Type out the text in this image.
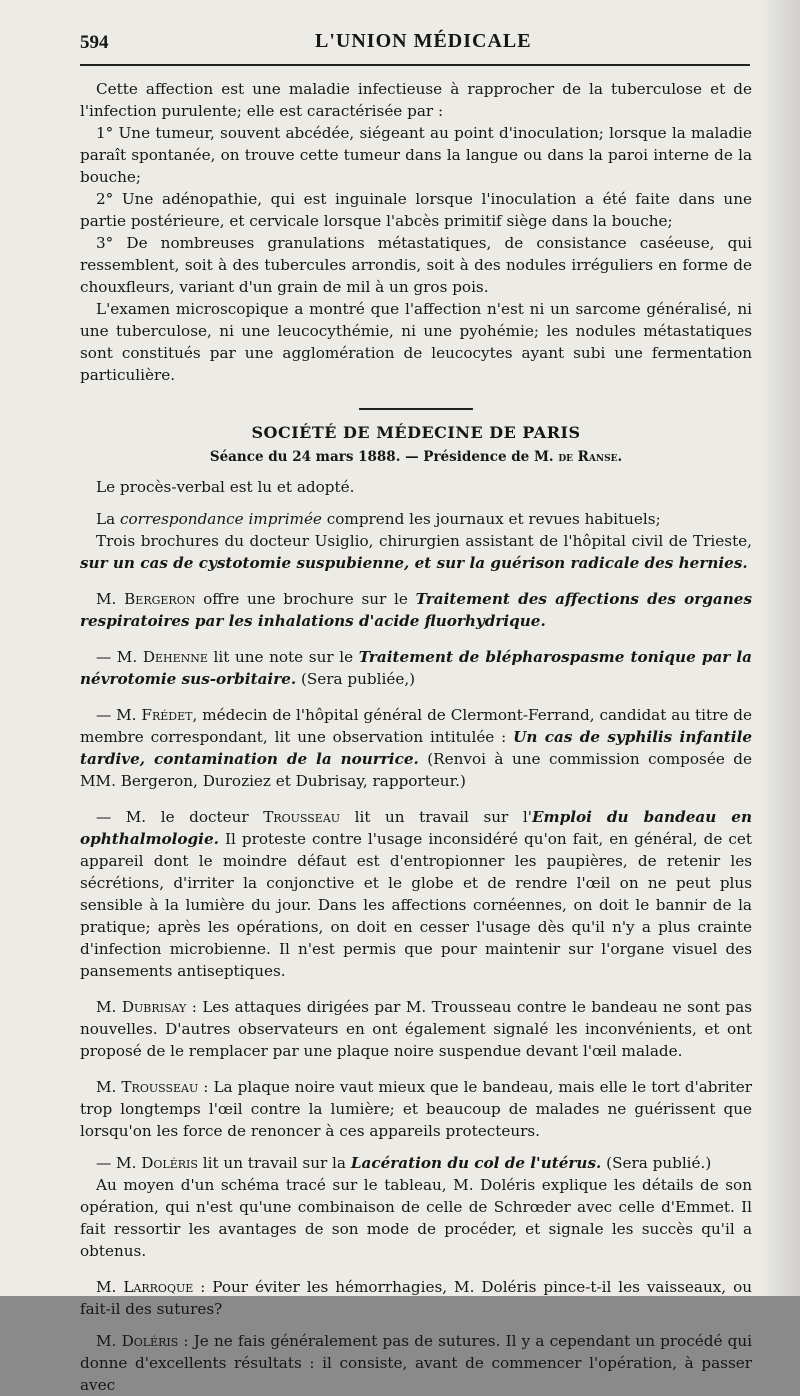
594	L'UNION MÉDICALE

Cette affection est une maladie infectieuse à rapprocher de la tuberculose et de l'infection purulente; elle est caractérisée par :

1° Une tumeur, souvent abcédée, siégeant au point d'inoculation; lorsque la maladie paraît spontanée, on trouve cette tumeur dans la langue ou dans la paroi interne de la bouche;

2° Une adénopathie, qui est inguinale lorsque l'inoculation a été faite dans une partie postérieure, et cervicale lorsque l'abcès primitif siège dans la bouche;

3° De nombreuses granulations métastatiques, de consistance caséeuse, qui ressemblent, soit à des tubercules arrondis, soit à des nodules irréguliers en forme de chouxfleurs, variant d'un grain de mil à un gros pois.

L'examen microscopique a montré que l'affection n'est ni un sarcome généralisé, ni une tuberculose, ni une leucocythémie, ni une pyohémie; les nodules métastatiques sont constitués par une agglomération de leucocytes ayant subi une fermentation particulière.

SOCIÉTÉ DE MÉDECINE DE PARIS
Séance du 24 mars 1888. — Présidence de M. de Ranse.

Le procès-verbal est lu et adopté.

La correspondance imprimée comprend les journaux et revues habituels;

Trois brochures du docteur Usiglio, chirurgien assistant de l'hôpital civil de Trieste, sur un cas de cystotomie suspubienne, et sur la guérison radicale des hernies.

M. Bergeron offre une brochure sur le Traitement des affections des organes respiratoires par les inhalations d'acide fluorhydrique.

— M. Dehenne lit une note sur le Traitement de blépharospasme tonique par la névrotomie sus-orbitaire. (Sera publiée,)

— M. Frédet, médecin de l'hôpital général de Clermont-Ferrand, candidat au titre de membre correspondant, lit une observation intitulée : Un cas de syphilis infantile tardive, contamination de la nourrice. (Renvoi à une commission composée de MM. Bergeron, Duroziez et Dubrisay, rapporteur.)

— M. le docteur Trousseau lit un travail sur l'Emploi du bandeau en ophthalmologie. Il proteste contre l'usage inconsidéré qu'on fait, en général, de cet appareil dont le moindre défaut est d'entropionner les paupières, de retenir les sécrétions, d'irriter la conjonctive et le globe et de rendre l'œil on ne peut plus sensible à la lumière du jour. Dans les affections cornéennes, on doit le bannir de la pratique; après les opérations, on doit en cesser l'usage dès qu'il n'y a plus crainte d'infection microbienne. Il n'est permis que pour maintenir sur l'organe visuel des pansements antiseptiques.

M. Dubrisay : Les attaques dirigées par M. Trousseau contre le bandeau ne sont pas nouvelles. D'autres observateurs en ont également signalé les inconvénients, et ont proposé de le remplacer par une plaque noire suspendue devant l'œil malade.

M. Trousseau : La plaque noire vaut mieux que le bandeau, mais elle le tort d'abriter trop longtemps l'œil contre la lumière; et beaucoup de malades ne guérissent que lorsqu'on les force de renoncer à ces appareils protecteurs.

— M. Doléris lit un travail sur la Lacération du col de l'utérus. (Sera publié.)

Au moyen d'un schéma tracé sur le tableau, M. Doléris explique les détails de son opération, qui n'est qu'une combinaison de celle de Schrœder avec celle d'Emmet. Il fait ressortir les avantages de son mode de procéder, et signale les succès qu'il a obtenus.

M. Larroque : Pour éviter les hémorrhagies, M. Doléris pince-t-il les vaisseaux, ou fait-il des sutures?

M. Doléris : Je ne fais généralement pas de sutures. Il y a cependant un procédé qui donne d'excellents résultats : il consiste, avant de commencer l'opération, à passer avec
